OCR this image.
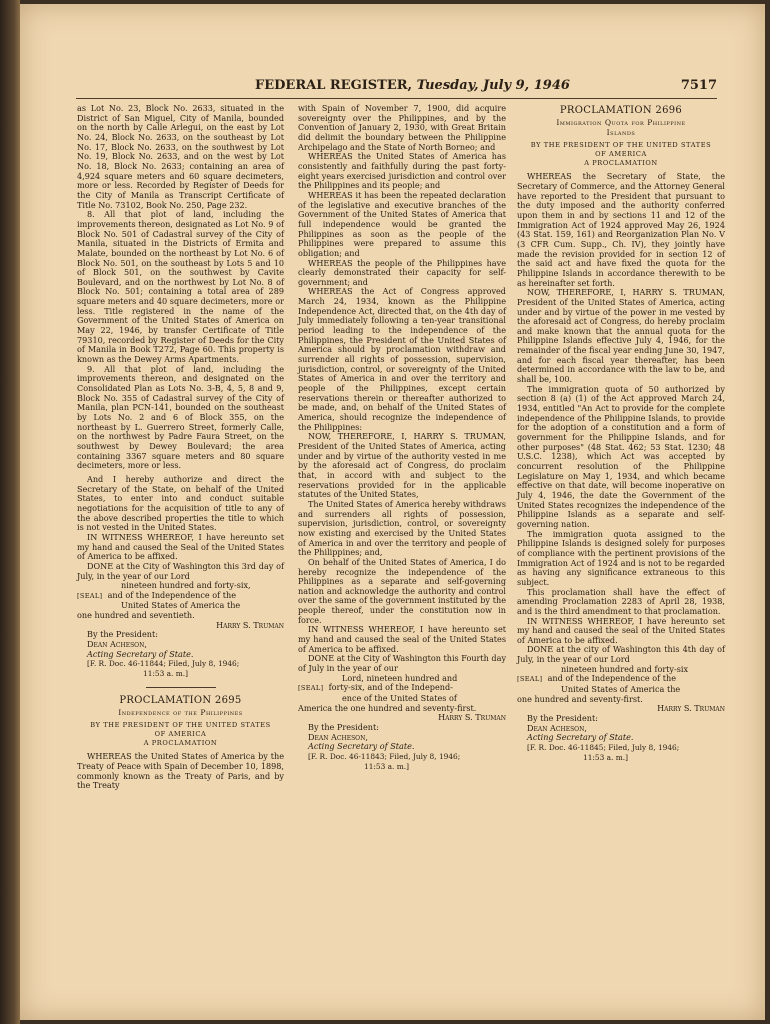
FEDERAL REGISTER, Tuesday, July 9, 1946	7517

as Lot No. 23, Block No. 2633, situated in the District of San Miguel, City of Manila, bounded on the north by Calle Arlegui, on the east by Lot No. 24, Block No. 2633, on the southeast by Lot No. 17, Block No. 2633, on the southwest by Lot No. 19, Block No. 2633, and on the west by Lot No. 18, Block No. 2633; containing an area of 4,924 square meters and 60 square decimeters, more or less. Recorded by Register of Deeds for the City of Manila as Transcript Certificate of Title No. 73102, Book No. 250, Page 232.

8. All that plot of land, including the improvements thereon, designated as Lot No. 9 of Block No. 501 of Cadastral survey of the City of Manila, situated in the Districts of Ermita and Malate, bounded on the northeast by Lot No. 6 of Block No. 501, on the southeast by Lots 5 and 10 of Block 501, on the southwest by Cavite Boulevard, and on the northwest by Lot No. 8 of Block No. 501; containing a total area of 289 square meters and 40 square decimeters, more or less. Title registered in the name of the Government of the United States of America on May 22, 1946, by transfer Certificate of Title 79310, recorded by Register of Deeds for the City of Manila in Book T272, Page 60. This property is known as the Dewey Arms Apartments.

9. All that plot of land, including the improvements thereon, and designated on the Consolidated Plan as Lots No. 3-B, 4, 5, 8 and 9, Block No. 355 of Cadastral survey of the City of Manila, plan PCN-141, bounded on the southeast by Lots No. 2 and 6 of Block 355, on the northeast by L. Guerrero Street, formerly Calle, on the northwest by Padre Faura Street, on the southwest by Dewey Boulevard; the area containing 3367 square meters and 80 square decimeters, more or less.

And I hereby authorize and direct the Secretary of the State, on behalf of the United States, to enter into and conduct suitable negotiations for the acquisition of title to any of the above described properties the title to which is not vested in the United States.

IN WITNESS WHEREOF, I have hereunto set my hand and caused the Seal of the United States of America to be affixed.

DONE at the City of Washington this 3rd day of July, in the year of our Lord

nineteen hundred and forty-six,
[SEAL] and of the Independence of the
United States of America the
one hundred and seventieth.

Harry S. Truman

By the President:

Dean Acheson,

Acting Secretary of State.

[F. R. Doc. 46-11844; Filed, July 8, 1946;
11:53 a. m.]

PROCLAMATION 2695

Independence of the Philippines

BY THE PRESIDENT OF THE UNITED STATES

OF AMERICA

A PROCLAMATION

WHEREAS the United States of America by the Treaty of Peace with Spain of December 10, 1898, commonly known as the Treaty of Paris, and by the Treaty

with Spain of November 7, 1900, did acquire sovereignty over the Philippines, and by the Convention of January 2, 1930, with Great Britain did delimit the boundary between the Philippine Archipelago and the State of North Borneo; and

WHEREAS the United States of America has consistently and faithfully during the past forty-eight years exercised jurisdiction and control over the Philippines and its people; and

WHEREAS it has been the repeated declaration of the legislative and executive branches of the Government of the United States of America that full independence would be granted the Philippines as soon as the people of the Philippines were prepared to assume this obligation; and

WHEREAS the people of the Philippines have clearly demonstrated their capacity for self-government; and

WHEREAS the Act of Congress approved March 24, 1934, known as the Philippine Independence Act, directed that, on the 4th day of July immediately following a ten-year transitional period leading to the independence of the Philippines, the President of the United States of America should by proclamation withdraw and surrender all rights of possession, supervision, jurisdiction, control, or sovereignty of the United States of America in and over the territory and people of the Philippines, except certain reservations therein or thereafter authorized to be made, and, on behalf of the United States of America, should recognize the independence of the Philippines:

NOW, THEREFORE, I, HARRY S. TRUMAN, President of the United States of America, acting under and by virtue of the authority vested in me by the aforesaid act of Congress, do proclaim that, in accord with and subject to the reservations provided for in the applicable statutes of the United States,

The United States of America hereby withdraws and surrenders all rights of possession, supervision, jurisdiction, control, or sovereignty now existing and exercised by the United States of America in and over the territory and people of the Philippines; and,

On behalf of the United States of America, I do hereby recognize the independence of the Philippines as a separate and self-governing nation and acknowledge the authority and control over the same of the government instituted by the people thereof, under the constitution now in force.

IN WITNESS WHEREOF, I have hereunto set my hand and caused the seal of the United States of America to be affixed.

DONE at the City of Washington this Fourth day of July in the year of our

Lord, nineteen hundred and
[SEAL] forty-six, and of the Independ-
ence of the United States of
America the one hundred and seventy-first.

Harry S. Truman

By the President:

Dean Acheson,

Acting Secretary of State.

[F. R. Doc. 46-11843; Filed, July 8, 1946;
11:53 a. m.]

PROCLAMATION 2696

Immigration Quota for Philippine
Islands

BY THE PRESIDENT OF THE UNITED STATES

OF AMERICA

A PROCLAMATION

WHEREAS the Secretary of State, the Secretary of Commerce, and the Attorney General have reported to the President that pursuant to the duty imposed and the authority conferred upon them in and by sections 11 and 12 of the Immigration Act of 1924 approved May 26, 1924 (43 Stat. 159, 161) and Reorganization Plan No. V (3 CFR Cum. Supp., Ch. IV), they jointly have made the revision provided for in section 12 of the said act and have fixed the quota for the Philippine Islands in accordance therewith to be as hereinafter set forth.

NOW, THEREFORE, I, HARRY S. TRUMAN, President of the United States of America, acting under and by virtue of the power in me vested by the aforesaid act of Congress, do hereby proclaim and make known that the annual quota for the Philippine Islands effective July 4, 1946, for the remainder of the fiscal year ending June 30, 1947, and for each fiscal year thereafter, has been determined in accordance with the law to be, and shall be, 100.

The immigration quota of 50 authorized by section 8 (a) (1) of the Act approved March 24, 1934, entitled "An Act to provide for the complete independence of the Philippine Islands, to provide for the adoption of a constitution and a form of government for the Philippine Islands, and for other purposes" (48 Stat. 462; 53 Stat. 1230; 48 U.S.C. 1238), which Act was accepted by concurrent resolution of the Philippine Legislature on May 1, 1934, and which became effective on that date, will become inoperative on July 4, 1946, the date the Government of the United States recognizes the independence of the Philippine Islands as a separate and self-governing nation.

The immigration quota assigned to the Philippine Islands is designed solely for purposes of compliance with the pertinent provisions of the Immigration Act of 1924 and is not to be regarded as having any significance extraneous to this subject.

This proclamation shall have the effect of amending Proclamation 2283 of April 28, 1938, and is the third amendment to that proclamation.

IN WITNESS WHEREOF, I have hereunto set my hand and caused the seal of the United States of America to be affixed.

DONE at the city of Washington this 4th day of July, in the year of our Lord

nineteen hundred and forty-six
[SEAL] and of the Independence of the
United States of America the
one hundred and seventy-first.

Harry S. Truman

By the President:

Dean Acheson,

Acting Secretary of State.

[F. R. Doc. 46-11845; Filed, July 8, 1946;
11:53 a. m.]
